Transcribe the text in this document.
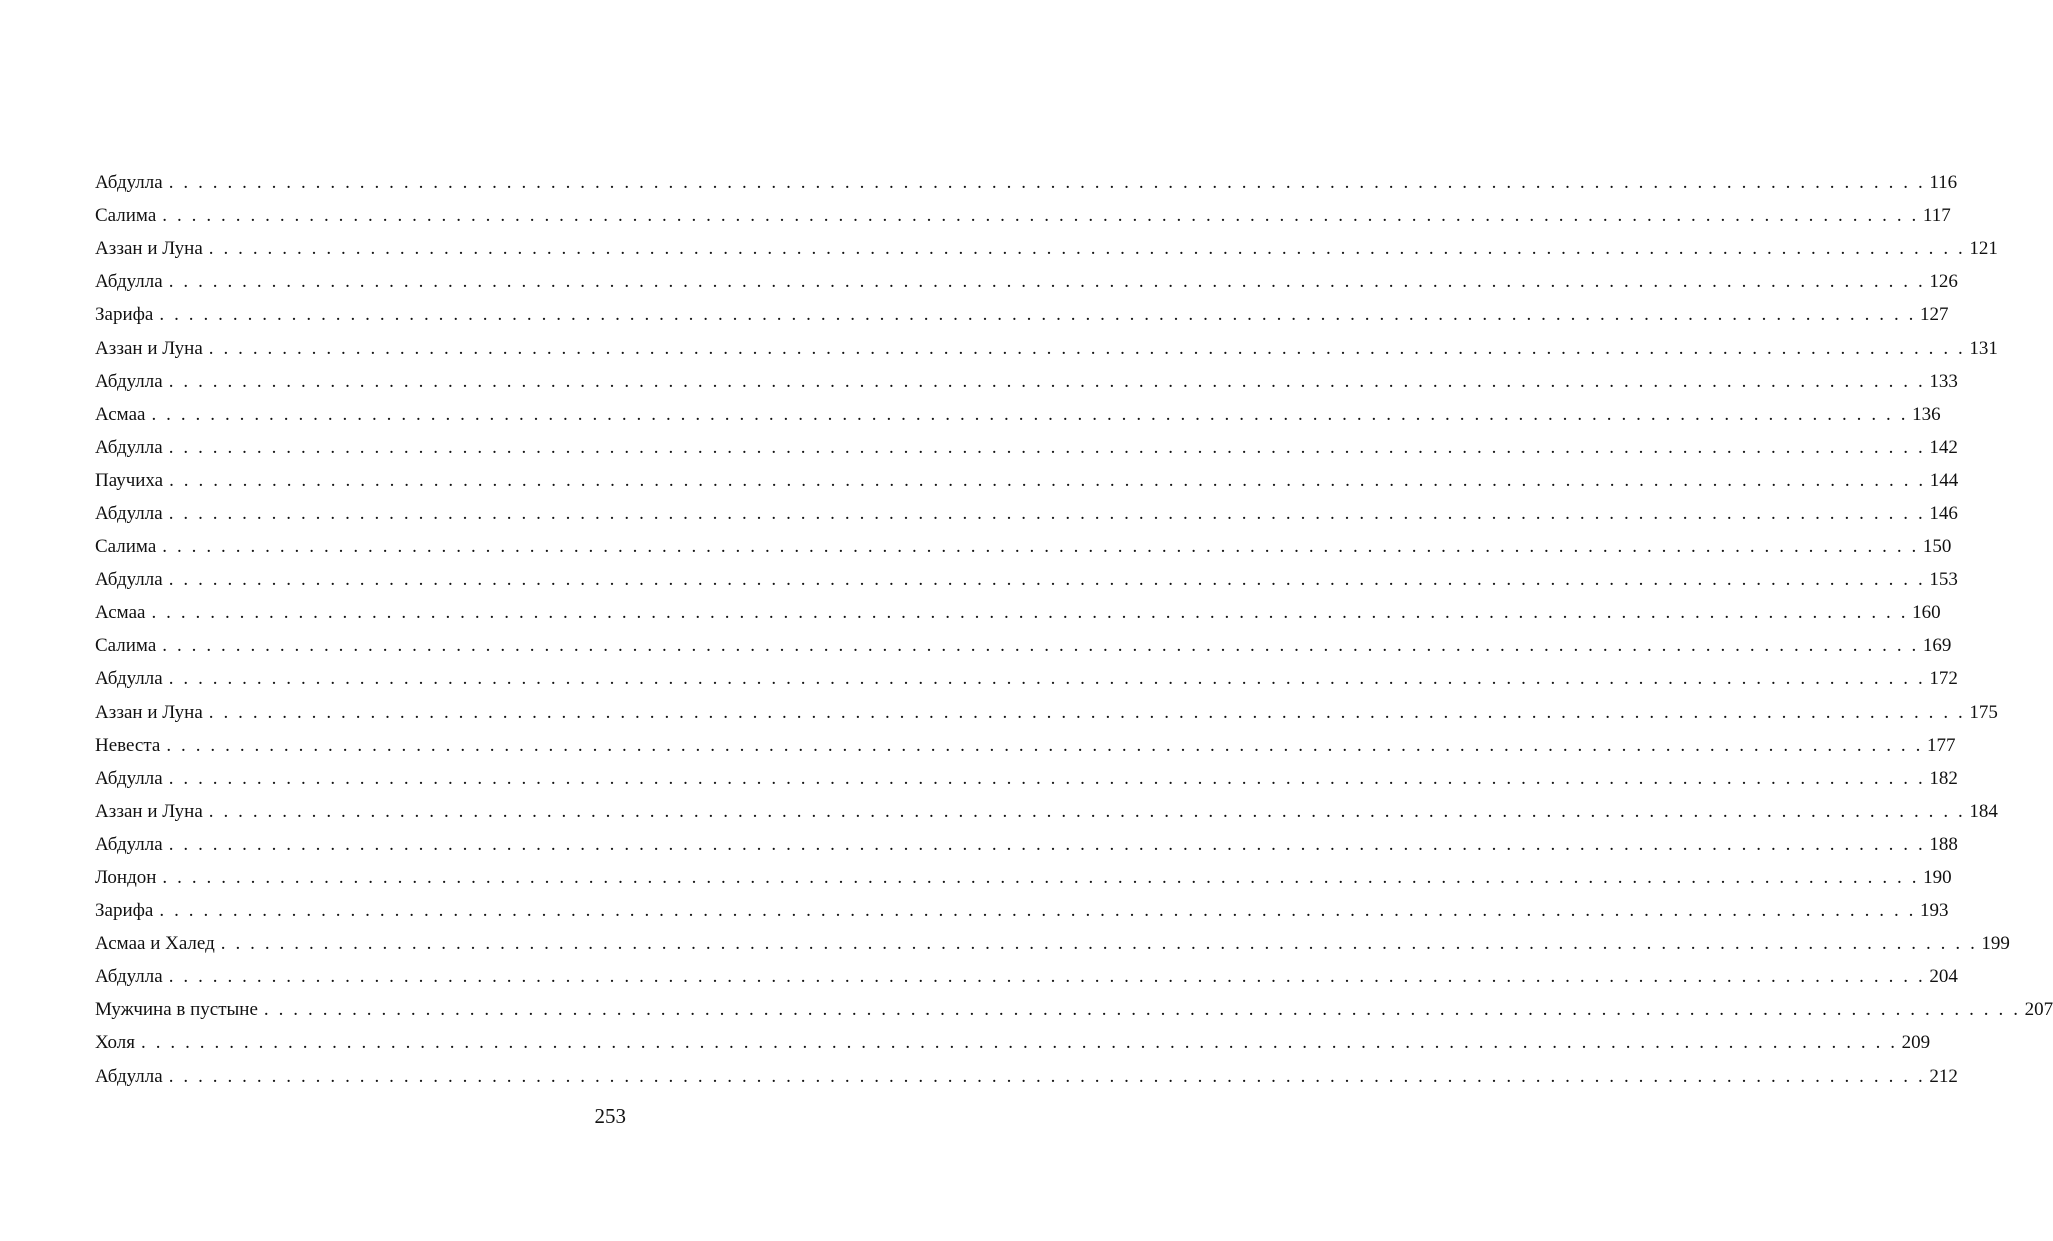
Абдулла . . . . . . . . . . . . . . . . . . . . . . . . . . . . . . . . . . . . . . . . . . . . . . . . . . . . . . . . . . . . . . . . . . . . . . . . . . . . . . . . . . . . . . . . . . . . . . . . . . . . . . . . . . . . . . . . . . . . . . . . 116
Салима . . . . . . . . . . . . . . . . . . . . . . . . . . . . . . . . . . . . . . . . . . . . . . . . . . . . . . . . . . . . . . . . . . . . . . . . . . . . . . . . . . . . . . . . . . . . . . . . . . . . . . . . . . . . . . . . . . . . . . . . 117
Аззан и Луна . . . . . . . . . . . . . . . . . . . . . . . . . . . . . . . . . . . . . . . . . . . . . . . . . . . . . . . . . . . . . . . . . . . . . . . . . . . . . . . . . . . . . . . . . . . . . . . . . . . . . . . . . . . . . . . . . . . . . . . . 121
Абдулла . . . . . . . . . . . . . . . . . . . . . . . . . . . . . . . . . . . . . . . . . . . . . . . . . . . . . . . . . . . . . . . . . . . . . . . . . . . . . . . . . . . . . . . . . . . . . . . . . . . . . . . . . . . . . . . . . . . . . . . . 126
Зарифа . . . . . . . . . . . . . . . . . . . . . . . . . . . . . . . . . . . . . . . . . . . . . . . . . . . . . . . . . . . . . . . . . . . . . . . . . . . . . . . . . . . . . . . . . . . . . . . . . . . . . . . . . . . . . . . . . . . . . . . . 127
Аззан и Луна . . . . . . . . . . . . . . . . . . . . . . . . . . . . . . . . . . . . . . . . . . . . . . . . . . . . . . . . . . . . . . . . . . . . . . . . . . . . . . . . . . . . . . . . . . . . . . . . . . . . . . . . . . . . . . . . . . . . . . . . 131
Абдулла . . . . . . . . . . . . . . . . . . . . . . . . . . . . . . . . . . . . . . . . . . . . . . . . . . . . . . . . . . . . . . . . . . . . . . . . . . . . . . . . . . . . . . . . . . . . . . . . . . . . . . . . . . . . . . . . . . . . . . . . 133
Асмаа . . . . . . . . . . . . . . . . . . . . . . . . . . . . . . . . . . . . . . . . . . . . . . . . . . . . . . . . . . . . . . . . . . . . . . . . . . . . . . . . . . . . . . . . . . . . . . . . . . . . . . . . . . . . . . . . . . . . . . . . 136
Абдулла . . . . . . . . . . . . . . . . . . . . . . . . . . . . . . . . . . . . . . . . . . . . . . . . . . . . . . . . . . . . . . . . . . . . . . . . . . . . . . . . . . . . . . . . . . . . . . . . . . . . . . . . . . . . . . . . . . . . . . . . 142
Паучиха . . . . . . . . . . . . . . . . . . . . . . . . . . . . . . . . . . . . . . . . . . . . . . . . . . . . . . . . . . . . . . . . . . . . . . . . . . . . . . . . . . . . . . . . . . . . . . . . . . . . . . . . . . . . . . . . . . . . . . . . 144
Абдулла . . . . . . . . . . . . . . . . . . . . . . . . . . . . . . . . . . . . . . . . . . . . . . . . . . . . . . . . . . . . . . . . . . . . . . . . . . . . . . . . . . . . . . . . . . . . . . . . . . . . . . . . . . . . . . . . . . . . . . . . 146
Салима . . . . . . . . . . . . . . . . . . . . . . . . . . . . . . . . . . . . . . . . . . . . . . . . . . . . . . . . . . . . . . . . . . . . . . . . . . . . . . . . . . . . . . . . . . . . . . . . . . . . . . . . . . . . . . . . . . . . . . . . 150
Абдулла . . . . . . . . . . . . . . . . . . . . . . . . . . . . . . . . . . . . . . . . . . . . . . . . . . . . . . . . . . . . . . . . . . . . . . . . . . . . . . . . . . . . . . . . . . . . . . . . . . . . . . . . . . . . . . . . . . . . . . . . 153
Асмаа . . . . . . . . . . . . . . . . . . . . . . . . . . . . . . . . . . . . . . . . . . . . . . . . . . . . . . . . . . . . . . . . . . . . . . . . . . . . . . . . . . . . . . . . . . . . . . . . . . . . . . . . . . . . . . . . . . . . . . . . 160
Салима . . . . . . . . . . . . . . . . . . . . . . . . . . . . . . . . . . . . . . . . . . . . . . . . . . . . . . . . . . . . . . . . . . . . . . . . . . . . . . . . . . . . . . . . . . . . . . . . . . . . . . . . . . . . . . . . . . . . . . . . 169
Абдулла . . . . . . . . . . . . . . . . . . . . . . . . . . . . . . . . . . . . . . . . . . . . . . . . . . . . . . . . . . . . . . . . . . . . . . . . . . . . . . . . . . . . . . . . . . . . . . . . . . . . . . . . . . . . . . . . . . . . . . . . 172
Аззан и Луна . . . . . . . . . . . . . . . . . . . . . . . . . . . . . . . . . . . . . . . . . . . . . . . . . . . . . . . . . . . . . . . . . . . . . . . . . . . . . . . . . . . . . . . . . . . . . . . . . . . . . . . . . . . . . . . . . . . . . . . . 175
Невеста . . . . . . . . . . . . . . . . . . . . . . . . . . . . . . . . . . . . . . . . . . . . . . . . . . . . . . . . . . . . . . . . . . . . . . . . . . . . . . . . . . . . . . . . . . . . . . . . . . . . . . . . . . . . . . . . . . . . . . . . 177
Абдулла . . . . . . . . . . . . . . . . . . . . . . . . . . . . . . . . . . . . . . . . . . . . . . . . . . . . . . . . . . . . . . . . . . . . . . . . . . . . . . . . . . . . . . . . . . . . . . . . . . . . . . . . . . . . . . . . . . . . . . . . 182
Аззан и Луна . . . . . . . . . . . . . . . . . . . . . . . . . . . . . . . . . . . . . . . . . . . . . . . . . . . . . . . . . . . . . . . . . . . . . . . . . . . . . . . . . . . . . . . . . . . . . . . . . . . . . . . . . . . . . . . . . . . . . . . . 184
Абдулла . . . . . . . . . . . . . . . . . . . . . . . . . . . . . . . . . . . . . . . . . . . . . . . . . . . . . . . . . . . . . . . . . . . . . . . . . . . . . . . . . . . . . . . . . . . . . . . . . . . . . . . . . . . . . . . . . . . . . . . . 188
Лондон . . . . . . . . . . . . . . . . . . . . . . . . . . . . . . . . . . . . . . . . . . . . . . . . . . . . . . . . . . . . . . . . . . . . . . . . . . . . . . . . . . . . . . . . . . . . . . . . . . . . . . . . . . . . . . . . . . . . . . . . 190
Зарифа . . . . . . . . . . . . . . . . . . . . . . . . . . . . . . . . . . . . . . . . . . . . . . . . . . . . . . . . . . . . . . . . . . . . . . . . . . . . . . . . . . . . . . . . . . . . . . . . . . . . . . . . . . . . . . . . . . . . . . . . 193
Асмаа и Халед . . . . . . . . . . . . . . . . . . . . . . . . . . . . . . . . . . . . . . . . . . . . . . . . . . . . . . . . . . . . . . . . . . . . . . . . . . . . . . . . . . . . . . . . . . . . . . . . . . . . . . . . . . . . . . . . . . . . . . . . 199
Абдулла . . . . . . . . . . . . . . . . . . . . . . . . . . . . . . . . . . . . . . . . . . . . . . . . . . . . . . . . . . . . . . . . . . . . . . . . . . . . . . . . . . . . . . . . . . . . . . . . . . . . . . . . . . . . . . . . . . . . . . . . 204
Мужчина в пустыне . . . . . . . . . . . . . . . . . . . . . . . . . . . . . . . . . . . . . . . . . . . . . . . . . . . . . . . . . . . . . . . . . . . . . . . . . . . . . . . . . . . . . . . . . . . . . . . . . . . . . . . . . . . . . . . . . . . . . . . . 207
Холя . . . . . . . . . . . . . . . . . . . . . . . . . . . . . . . . . . . . . . . . . . . . . . . . . . . . . . . . . . . . . . . . . . . . . . . . . . . . . . . . . . . . . . . . . . . . . . . . . . . . . . . . . . . . . . . . . . . . . . . . 209
Абдулла . . . . . . . . . . . . . . . . . . . . . . . . . . . . . . . . . . . . . . . . . . . . . . . . . . . . . . . . . . . . . . . . . . . . . . . . . . . . . . . . . . . . . . . . . . . . . . . . . . . . . . . . . . . . . . . . . . . . . . . . 212
253
